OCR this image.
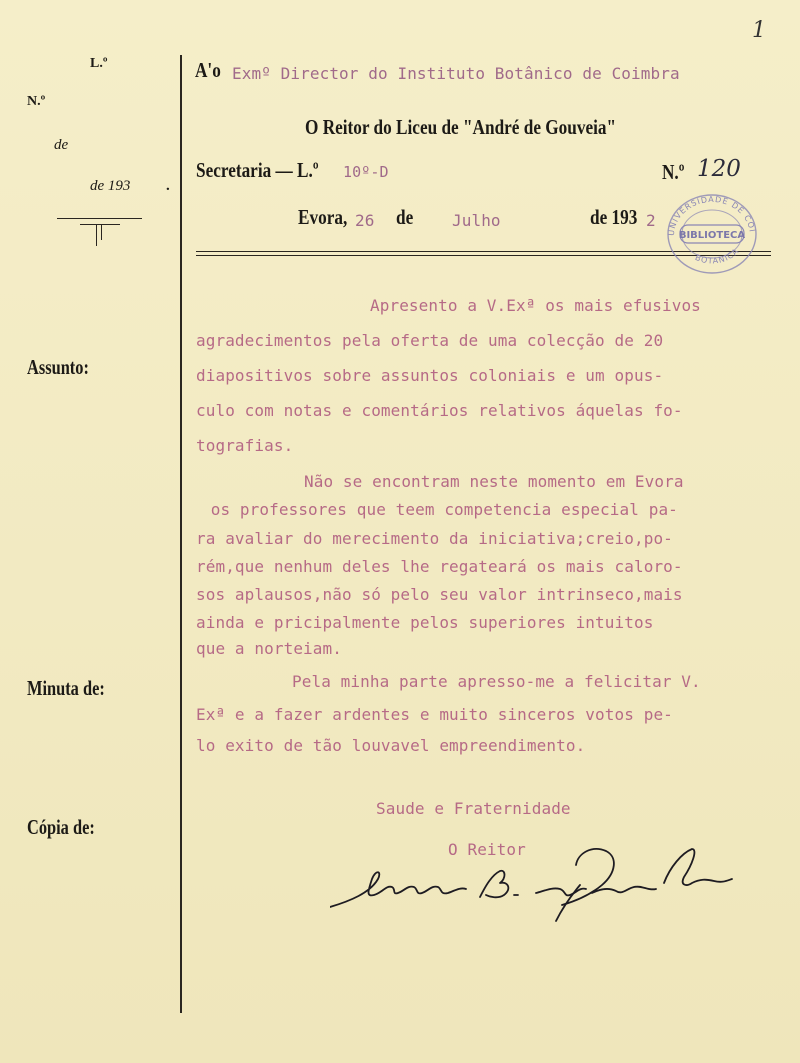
1
L.º
N.º
de
de 193 .
Assunto:
Minuta de:
Cópia de:
A'o Exmº Director do Instituto Botânico de Coimbra
O Reitor do Liceu de "André de Gouveia"
Secretaria — L.º 10º-D	N.º 120
Evora, 26 de Julho	de 193 2
UNIVERSIDADE DE COI
BIBLIOTECA
BOTANICA
Apresento a V.Exª os mais efusivos
agradecimentos pela oferta de uma colecção de 20
diapositivos sobre assuntos coloniais e um opus-
culo com notas e comentários relativos áquelas fo-
tografias.
Não se encontram neste momento em Evora
os professores que teem competencia especial pa-
ra avaliar do merecimento da iniciativa;creio,po-
rém,que nenhum deles lhe regateará os mais caloro-
sos aplausos,não só pelo seu valor intrinseco,mais
ainda e pricipalmente pelos superiores intuitos
que a norteiam.
Pela minha parte apresso-me a felicitar V.
Exª e a fazer ardentes e muito sinceros votos pe-
lo exito de tão louvavel empreendimento.
Saude e Fraternidade
O Reitor
